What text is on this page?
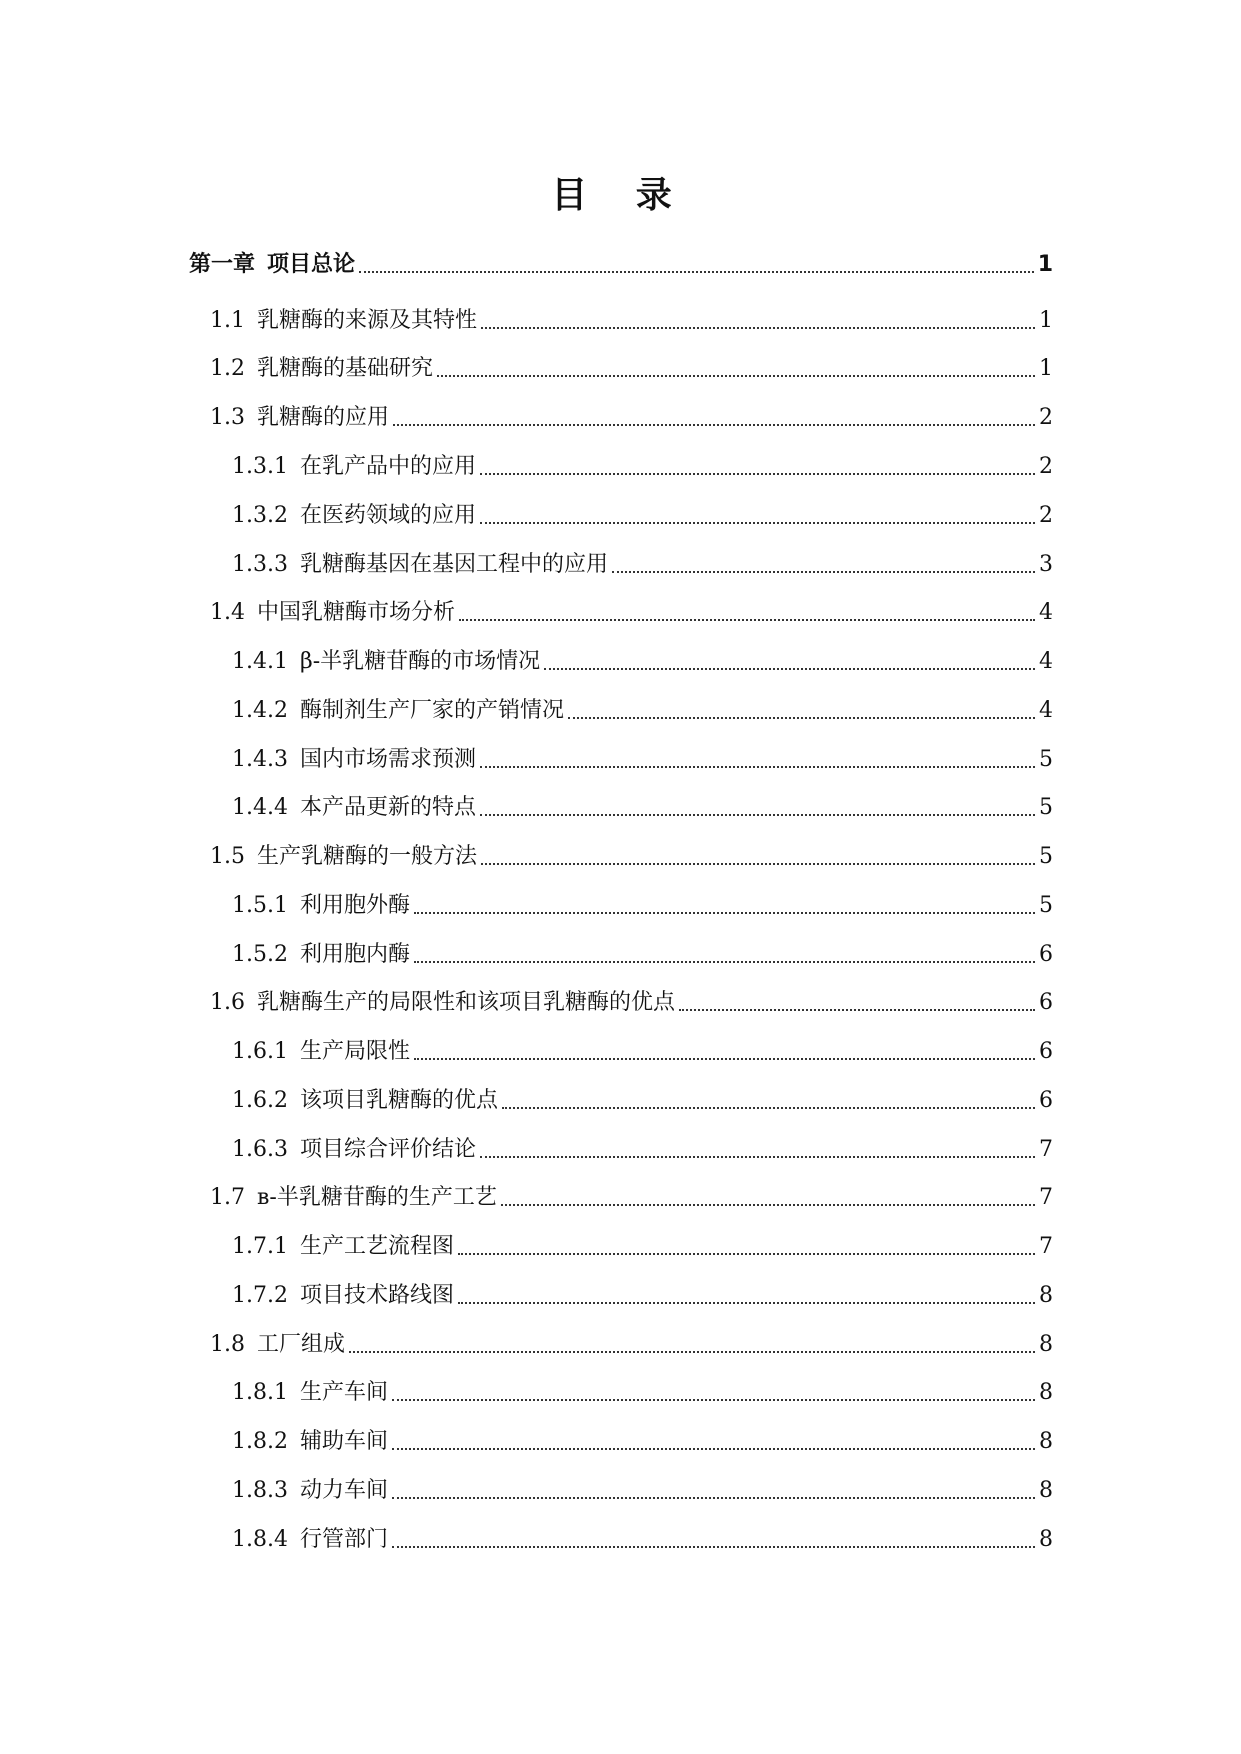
目 录
第一章 项目总论	1
1.1 乳糖酶的来源及其特性	1
1.2 乳糖酶的基础研究	1
1.3 乳糖酶的应用	2
1.3.1 在乳产品中的应用	2
1.3.2 在医药领域的应用	2
1.3.3 乳糖酶基因在基因工程中的应用	3
1.4 中国乳糖酶市场分析	4
1.4.1 β-半乳糖苷酶的市场情况	4
1.4.2 酶制剂生产厂家的产销情况	4
1.4.3 国内市场需求预测	5
1.4.4 本产品更新的特点	5
1.5 生产乳糖酶的一般方法	5
1.5.1 利用胞外酶	5
1.5.2 利用胞内酶	6
1.6 乳糖酶生产的局限性和该项目乳糖酶的优点	6
1.6.1 生产局限性	6
1.6.2 该项目乳糖酶的优点	6
1.6.3 项目综合评价结论	7
1.7 в-半乳糖苷酶的生产工艺	7
1.7.1 生产工艺流程图	7
1.7.2 项目技术路线图	8
1.8 工厂组成	8
1.8.1 生产车间	8
1.8.2 辅助车间	8
1.8.3 动力车间	8
1.8.4 行管部门	8
